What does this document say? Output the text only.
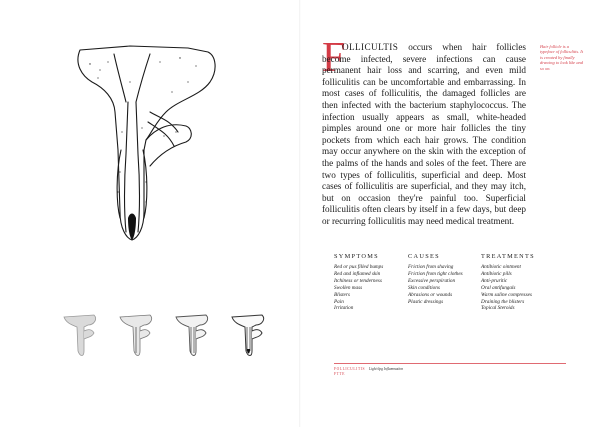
F
OLLICULTIS occurs when hair follicles become infected, severe infections can cause permanent hair loss and scarring, and even mild folliculitis can be uncomfortable and embarrassing. In most cases of folliculitis, the damaged follicles are then infected with the bacterium staphylococcus. The infection usually appears as small, white-headed pimples around one or more hair follicles the tiny pockets from which each hair grows. The condition may occur anywhere on the skin with the exception of the palms of the hands and soles of the feet. There are two types of folliculitis, superficial and deep. Most cases of folliculitis are superficial, and they may itch, but on occasion they're painful too. Superficial folliculitis often clears by itself in a few days, but deep or recurring folliculitis may need medical treatment.
Hair follicle is a typeface of folliculitis. It is created by finally drawing to look like and so on.
SYMPTOMS
Red or pus filled bumps
Red and inflamed skin
Itchiness or tenderness
Swollen mass
Blisters
Pain
Irritation
CAUSES
Friction from shaving
Friction from tight clothes
Excessive perspiration
Skin conditions
Abrasions or wounds
Plastic dressings
TREATMENTS
Antibiotic ointment
Antibiotic pills
Anti-pruritic
Oral antifungals
Warm saline compresses
Draining the blisters
Topical Steroids
FOLLICULITIS FTTE
Light 6pg Inflammation
